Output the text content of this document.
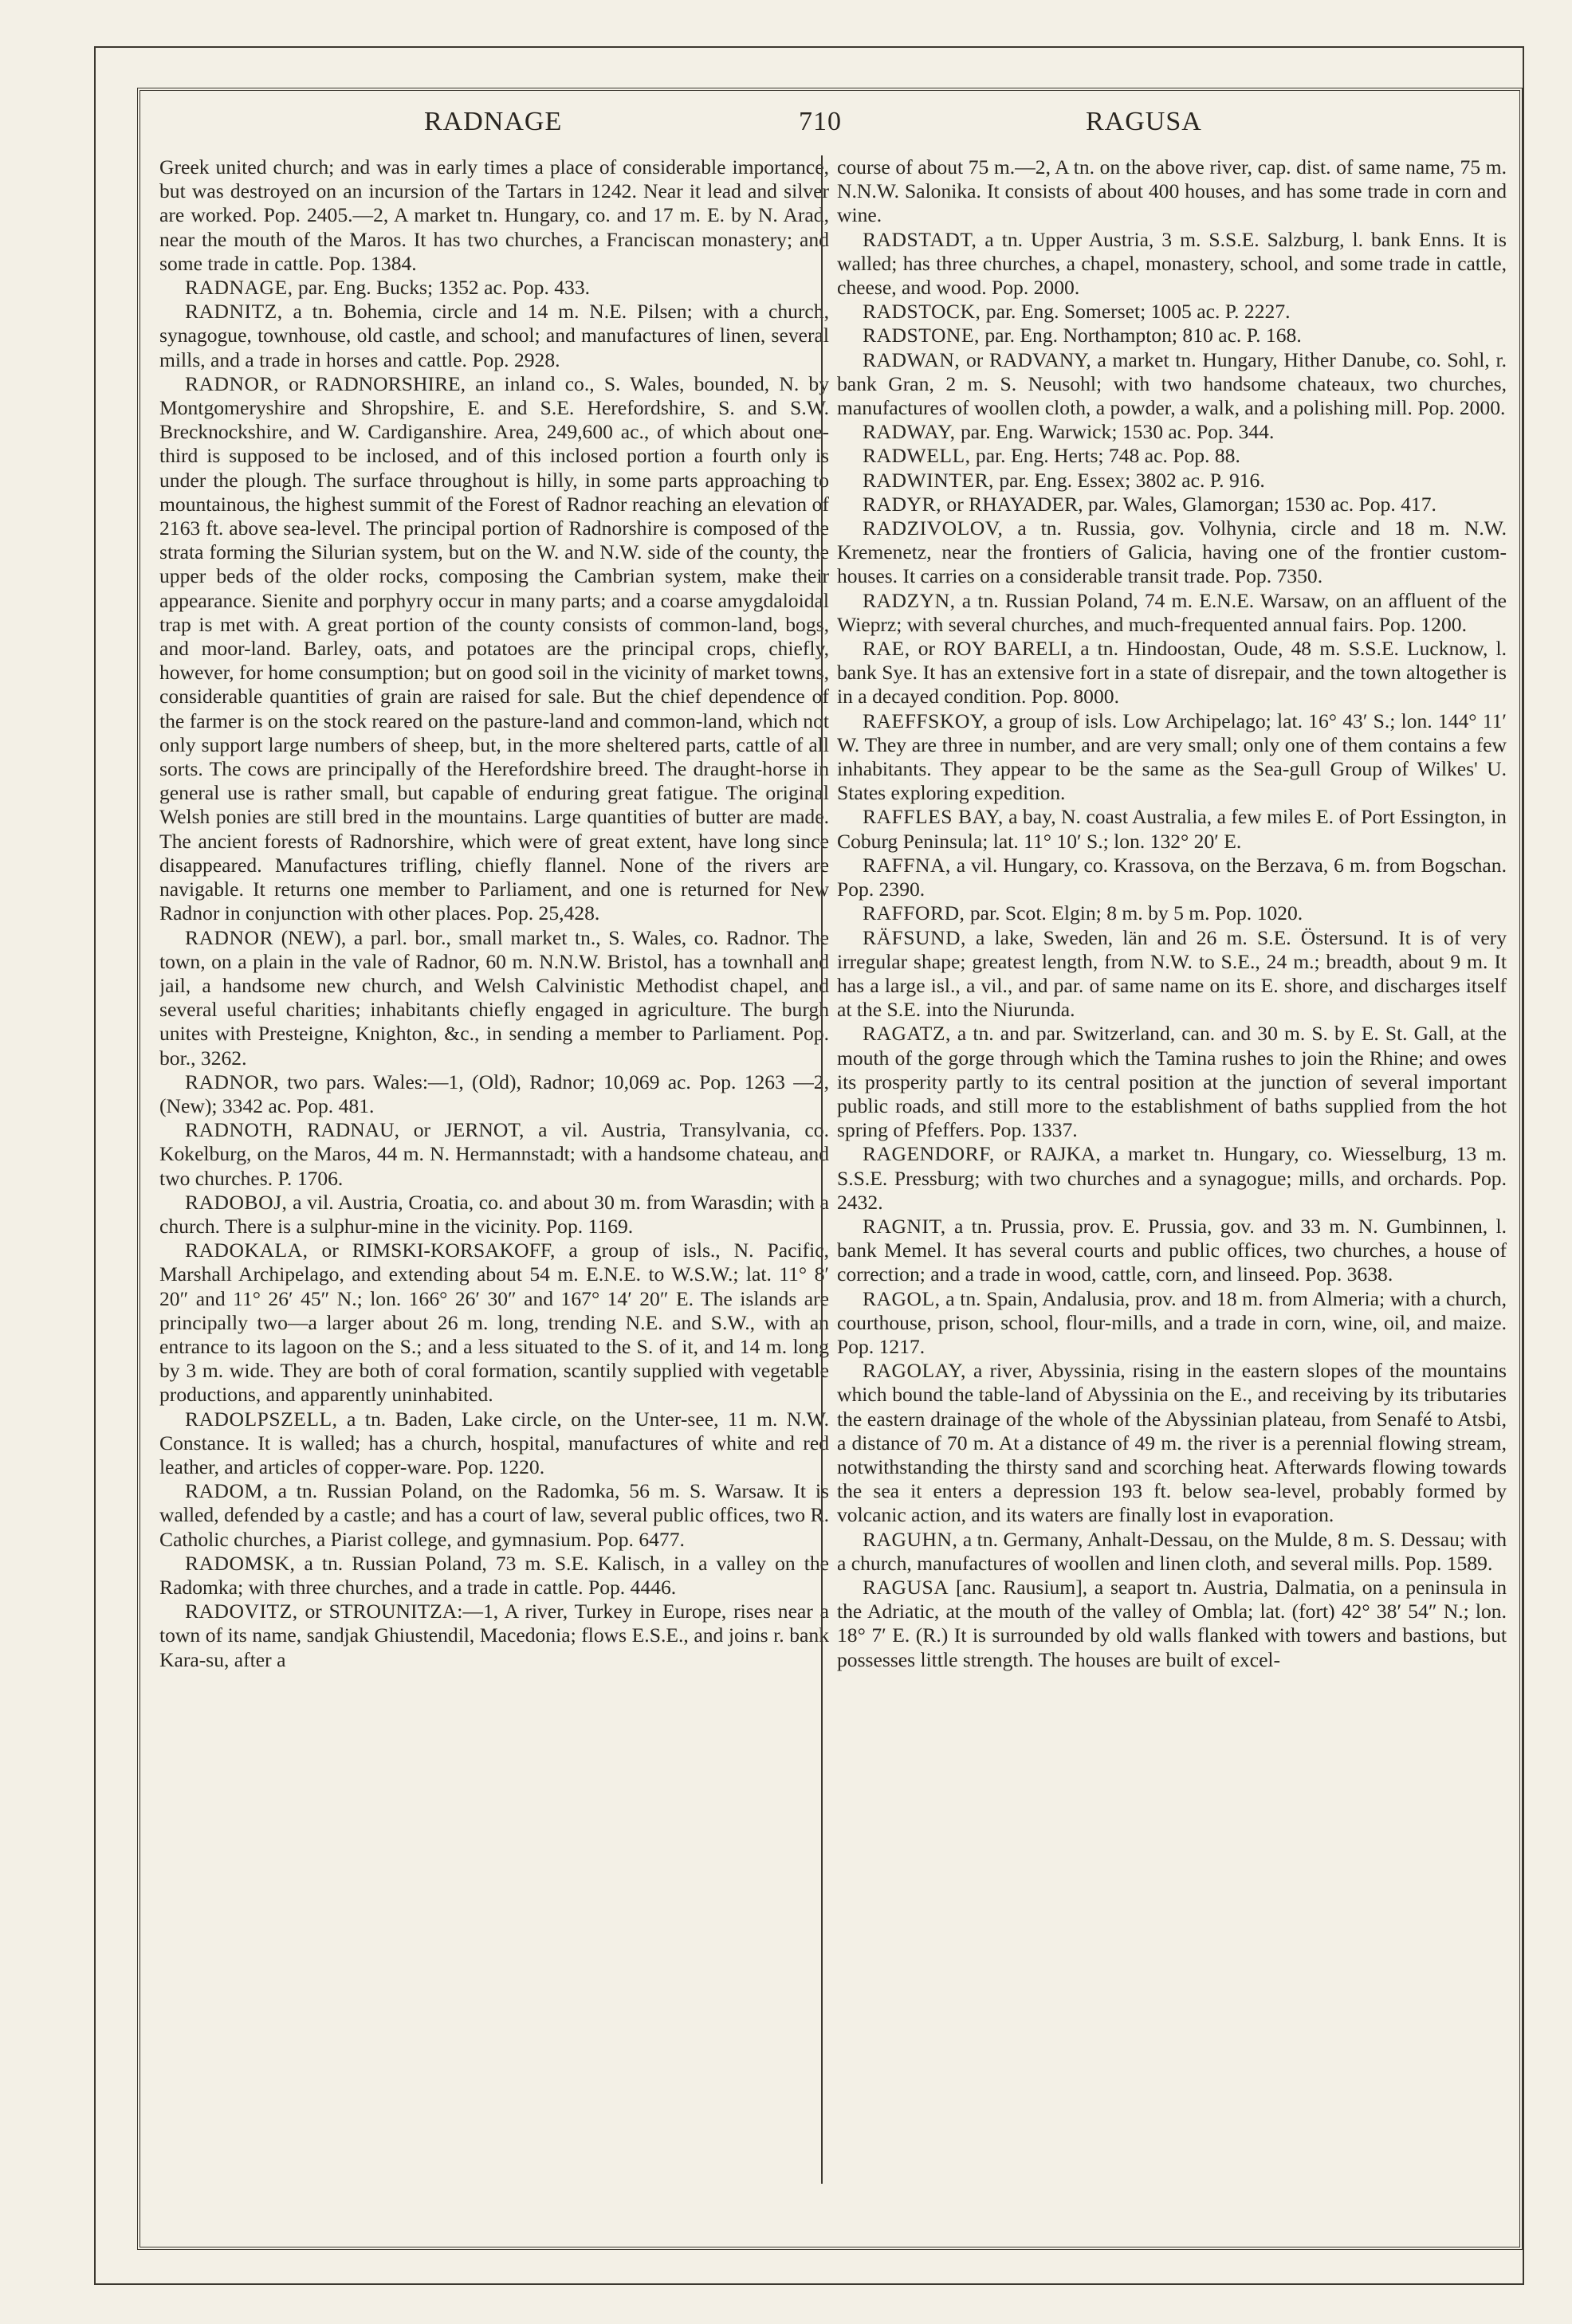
RADNAGE	710	RAGUSA

Greek united church; and was in early times a place of considerable importance, but was destroyed on an incursion of the Tartars in 1242. Near it lead and silver are worked. Pop. 2405.—2, A market tn. Hungary, co. and 17 m. E. by N. Arad, near the mouth of the Maros. It has two churches, a Franciscan monastery; and some trade in cattle. Pop. 1384.

RADNAGE, par. Eng. Bucks; 1352 ac. Pop. 433.

RADNITZ, a tn. Bohemia, circle and 14 m. N.E. Pilsen; with a church, synagogue, townhouse, old castle, and school; and manufactures of linen, several mills, and a trade in horses and cattle. Pop. 2928.

RADNOR, or RADNORSHIRE, an inland co., S. Wales, bounded, N. by Montgomeryshire and Shropshire, E. and S.E. Herefordshire, S. and S.W. Brecknockshire, and W. Cardiganshire. Area, 249,600 ac., of which about one-third is supposed to be inclosed, and of this inclosed portion a fourth only is under the plough. The surface throughout is hilly, in some parts approaching to mountainous, the highest summit of the Forest of Radnor reaching an elevation of 2163 ft. above sea-level. The principal portion of Radnorshire is composed of the strata forming the Silurian system, but on the W. and N.W. side of the county, the upper beds of the older rocks, composing the Cambrian system, make their appearance. Sienite and porphyry occur in many parts; and a coarse amygdaloidal trap is met with. A great portion of the county consists of common-land, bogs, and moor-land. Barley, oats, and potatoes are the principal crops, chiefly, however, for home consumption; but on good soil in the vicinity of market towns, considerable quantities of grain are raised for sale. But the chief dependence of the farmer is on the stock reared on the pasture-land and common-land, which not only support large numbers of sheep, but, in the more sheltered parts, cattle of all sorts. The cows are principally of the Herefordshire breed. The draught-horse in general use is rather small, but capable of enduring great fatigue. The original Welsh ponies are still bred in the mountains. Large quantities of butter are made. The ancient forests of Radnorshire, which were of great extent, have long since disappeared. Manufactures trifling, chiefly flannel. None of the rivers are navigable. It returns one member to Parliament, and one is returned for New Radnor in conjunction with other places. Pop. 25,428.

RADNOR (NEW), a parl. bor., small market tn., S. Wales, co. Radnor. The town, on a plain in the vale of Radnor, 60 m. N.N.W. Bristol, has a townhall and jail, a handsome new church, and Welsh Calvinistic Methodist chapel, and several useful charities; inhabitants chiefly engaged in agriculture. The burgh unites with Presteigne, Knighton, &c., in sending a member to Parliament. Pop. bor., 3262.

RADNOR, two pars. Wales:—1, (Old), Radnor; 10,069 ac. Pop. 1263 —2, (New); 3342 ac. Pop. 481.

RADNOTH, RADNAU, or JERNOT, a vil. Austria, Transylvania, co. Kokelburg, on the Maros, 44 m. N. Hermannstadt; with a handsome chateau, and two churches. P. 1706.

RADOBOJ, a vil. Austria, Croatia, co. and about 30 m. from Warasdin; with a church. There is a sulphur-mine in the vicinity. Pop. 1169.

RADOKALA, or RIMSKI-KORSAKOFF, a group of isls., N. Pacific, Marshall Archipelago, and extending about 54 m. E.N.E. to W.S.W.; lat. 11° 8′ 20″ and 11° 26′ 45″ N.; lon. 166° 26′ 30″ and 167° 14′ 20″ E. The islands are principally two—a larger about 26 m. long, trending N.E. and S.W., with an entrance to its lagoon on the S.; and a less situated to the S. of it, and 14 m. long by 3 m. wide. They are both of coral formation, scantily supplied with vegetable productions, and apparently uninhabited.

RADOLPSZELL, a tn. Baden, Lake circle, on the Unter-see, 11 m. N.W. Constance. It is walled; has a church, hospital, manufactures of white and red leather, and articles of copper-ware. Pop. 1220.

RADOM, a tn. Russian Poland, on the Radomka, 56 m. S. Warsaw. It is walled, defended by a castle; and has a court of law, several public offices, two R. Catholic churches, a Piarist college, and gymnasium. Pop. 6477.

RADOMSK, a tn. Russian Poland, 73 m. S.E. Kalisch, in a valley on the Radomka; with three churches, and a trade in cattle. Pop. 4446.

RADOVITZ, or STROUNITZA:—1, A river, Turkey in Europe, rises near a town of its name, sandjak Ghiustendil, Macedonia; flows E.S.E., and joins r. bank Kara-su, after a

course of about 75 m.—2, A tn. on the above river, cap. dist. of same name, 75 m. N.N.W. Salonika. It consists of about 400 houses, and has some trade in corn and wine.

RADSTADT, a tn. Upper Austria, 3 m. S.S.E. Salzburg, l. bank Enns. It is walled; has three churches, a chapel, monastery, school, and some trade in cattle, cheese, and wood. Pop. 2000.

RADSTOCK, par. Eng. Somerset; 1005 ac. P. 2227.

RADSTONE, par. Eng. Northampton; 810 ac. P. 168.

RADWAN, or RADVANY, a market tn. Hungary, Hither Danube, co. Sohl, r. bank Gran, 2 m. S. Neusohl; with two handsome chateaux, two churches, manufactures of woollen cloth, a powder, a walk, and a polishing mill. Pop. 2000.

RADWAY, par. Eng. Warwick; 1530 ac. Pop. 344.

RADWELL, par. Eng. Herts; 748 ac. Pop. 88.

RADWINTER, par. Eng. Essex; 3802 ac. P. 916.

RADYR, or RHAYADER, par. Wales, Glamorgan; 1530 ac. Pop. 417.

RADZIVOLOV, a tn. Russia, gov. Volhynia, circle and 18 m. N.W. Kremenetz, near the frontiers of Galicia, having one of the frontier custom-houses. It carries on a considerable transit trade. Pop. 7350.

RADZYN, a tn. Russian Poland, 74 m. E.N.E. Warsaw, on an affluent of the Wieprz; with several churches, and much-frequented annual fairs. Pop. 1200.

RAE, or ROY BARELI, a tn. Hindoostan, Oude, 48 m. S.S.E. Lucknow, l. bank Sye. It has an extensive fort in a state of disrepair, and the town altogether is in a decayed condition. Pop. 8000.

RAEFFSKOY, a group of isls. Low Archipelago; lat. 16° 43′ S.; lon. 144° 11′ W. They are three in number, and are very small; only one of them contains a few inhabitants. They appear to be the same as the Sea-gull Group of Wilkes' U. States exploring expedition.

RAFFLES BAY, a bay, N. coast Australia, a few miles E. of Port Essington, in Coburg Peninsula; lat. 11° 10′ S.; lon. 132° 20′ E.

RAFFNA, a vil. Hungary, co. Krassova, on the Berzava, 6 m. from Bogschan. Pop. 2390.

RAFFORD, par. Scot. Elgin; 8 m. by 5 m. Pop. 1020.

RÄFSUND, a lake, Sweden, län and 26 m. S.E. Östersund. It is of very irregular shape; greatest length, from N.W. to S.E., 24 m.; breadth, about 9 m. It has a large isl., a vil., and par. of same name on its E. shore, and discharges itself at the S.E. into the Niurunda.

RAGATZ, a tn. and par. Switzerland, can. and 30 m. S. by E. St. Gall, at the mouth of the gorge through which the Tamina rushes to join the Rhine; and owes its prosperity partly to its central position at the junction of several important public roads, and still more to the establishment of baths supplied from the hot spring of Pfeffers. Pop. 1337.

RAGENDORF, or RAJKA, a market tn. Hungary, co. Wiesselburg, 13 m. S.S.E. Pressburg; with two churches and a synagogue; mills, and orchards. Pop. 2432.

RAGNIT, a tn. Prussia, prov. E. Prussia, gov. and 33 m. N. Gumbinnen, l. bank Memel. It has several courts and public offices, two churches, a house of correction; and a trade in wood, cattle, corn, and linseed. Pop. 3638.

RAGOL, a tn. Spain, Andalusia, prov. and 18 m. from Almeria; with a church, courthouse, prison, school, flour-mills, and a trade in corn, wine, oil, and maize. Pop. 1217.

RAGOLAY, a river, Abyssinia, rising in the eastern slopes of the mountains which bound the table-land of Abyssinia on the E., and receiving by its tributaries the eastern drainage of the whole of the Abyssinian plateau, from Senafé to Atsbi, a distance of 70 m. At a distance of 49 m. the river is a perennial flowing stream, notwithstanding the thirsty sand and scorching heat. Afterwards flowing towards the sea it enters a depression 193 ft. below sea-level, probably formed by volcanic action, and its waters are finally lost in evaporation.

RAGUHN, a tn. Germany, Anhalt-Dessau, on the Mulde, 8 m. S. Dessau; with a church, manufactures of woollen and linen cloth, and several mills. Pop. 1589.

RAGUSA [anc. Rausium], a seaport tn. Austria, Dalmatia, on a peninsula in the Adriatic, at the mouth of the valley of Ombla; lat. (fort) 42° 38′ 54″ N.; lon. 18° 7′ E. (R.) It is surrounded by old walls flanked with towers and bastions, but possesses little strength. The houses are built of excel-
